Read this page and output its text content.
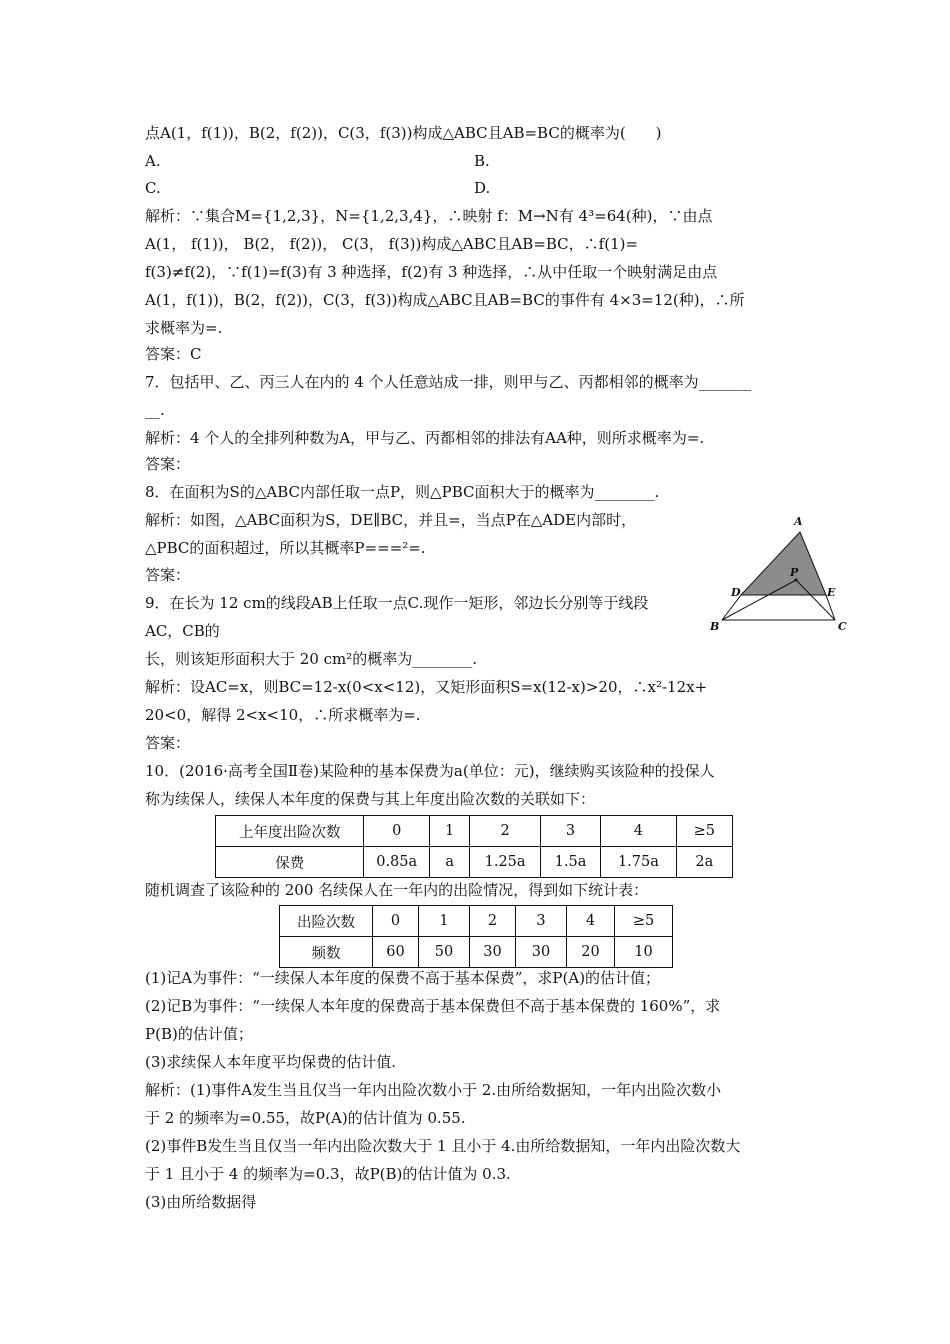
点A(1，f(1))，B(2，f(2))，C(3，f(3))构成△ABC且AB=BC的概率为(　　)
A.	B.
C.	D.
解析：∵集合M={1,2,3}，N={1,2,3,4}，∴映射 f：M→N有 4³=64(种)，∵由点
A(1， f(1))， B(2， f(2))， C(3， f(3))构成△ABC且AB=BC，∴f(1)=
f(3)≠f(2)，∵f(1)=f(3)有 3 种选择，f(2)有 3 种选择，∴从中任取一个映射满足由点
A(1，f(1))，B(2，f(2))，C(3，f(3))构成△ABC且AB=BC的事件有 4×3=12(种)，∴所
求概率为=.
答案：C
7．包括甲、乙、丙三人在内的 4 个人任意站成一排，则甲与乙、丙都相邻的概率为_______
__.
解析：4 个人的全排列种数为A，甲与乙、丙都相邻的排法有AA种，则所求概率为=.
答案：
8．在面积为S的△ABC内部任取一点P，则△PBC面积大于的概率为________.
解析：如图，△ABC面积为S，DE∥BC，并且=，当点P在△ADE内部时，
△PBC的面积超过，所以其概率P===²=.
答案：
A
D
P
E
B	C
9．在长为 12 cm的线段AB上任取一点C.现作一矩形，邻边长分别等于线段
AC，CB的
长，则该矩形面积大于 20 cm²的概率为________.
解析：设AC=x，则BC=12-x(0<x<12)，又矩形面积S=x(12-x)>20，∴x²-12x+
20<0，解得 2<x<10，∴所求概率为=.
答案：
10．(2016·高考全国Ⅱ卷)某险种的基本保费为a(单位：元)，继续购买该险种的投保人
称为续保人，续保人本年度的保费与其上年度出险次数的关联如下：
上年度出险次数	0	1	2	3	4	≥5
保费	0.85a	a	1.25a	1.5a	1.75a	2a
随机调查了该险种的 200 名续保人在一年内的出险情况，得到如下统计表：
出险次数	0	1	2	3	4	≥5
频数	60	50	30	30	20	10
(1)记A为事件：“一续保人本年度的保费不高于基本保费”，求P(A)的估计值；
(2)记B为事件：“一续保人本年度的保费高于基本保费但不高于基本保费的 160%”，求
P(B)的估计值；
(3)求续保人本年度平均保费的估计值.
解析：(1)事件A发生当且仅当一年内出险次数小于 2.由所给数据知，一年内出险次数小
于 2 的频率为=0.55，故P(A)的估计值为 0.55.
(2)事件B发生当且仅当一年内出险次数大于 1 且小于 4.由所给数据知，一年内出险次数大
于 1 且小于 4 的频率为=0.3，故P(B)的估计值为 0.3.
(3)由所给数据得
